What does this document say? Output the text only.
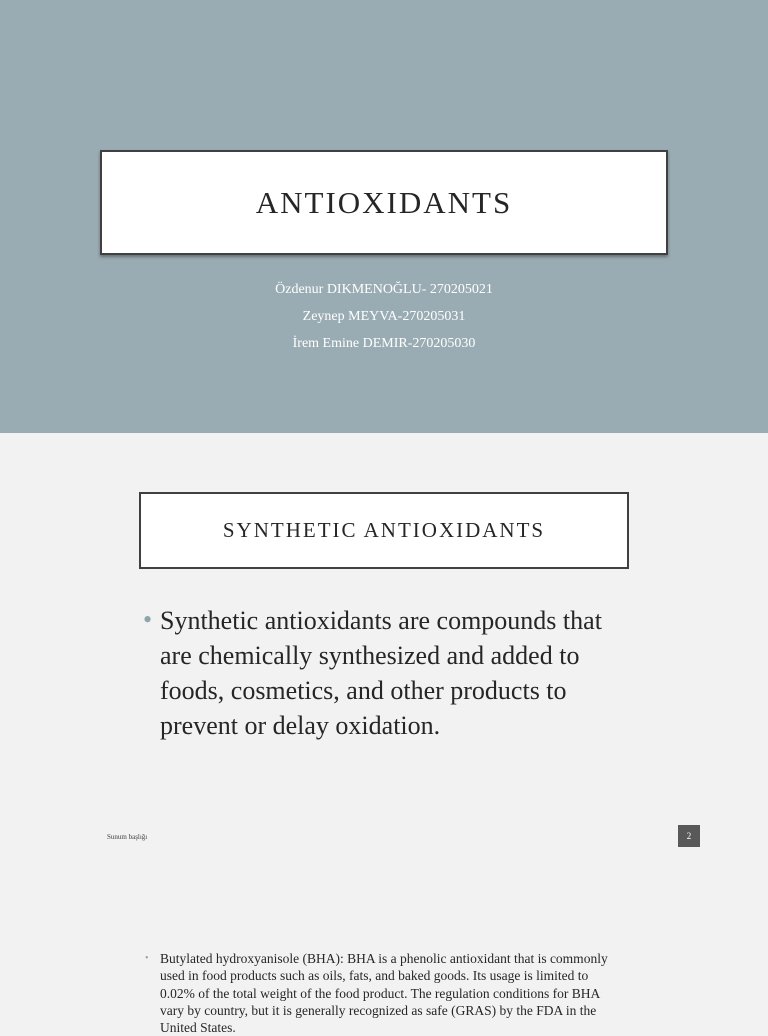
ANTIOXIDANTS
Özdenur DIKMENOĞLU- 270205021
Zeynep MEYVA-270205031
İrem Emine DEMIR-270205030
SYNTHETIC ANTIOXIDANTS
• Synthetic antioxidants are compounds that are chemically synthesized and added to foods, cosmetics, and other products to prevent or delay oxidation.
Sunum başlığı	2
• Butylated hydroxyanisole (BHA): BHA is a phenolic antioxidant that is commonly used in food products such as oils, fats, and baked goods. Its usage is limited to 0.02% of the total weight of the food product. The regulation conditions for BHA vary by country, but it is generally recognized as safe (GRAS) by the FDA in the United States.
